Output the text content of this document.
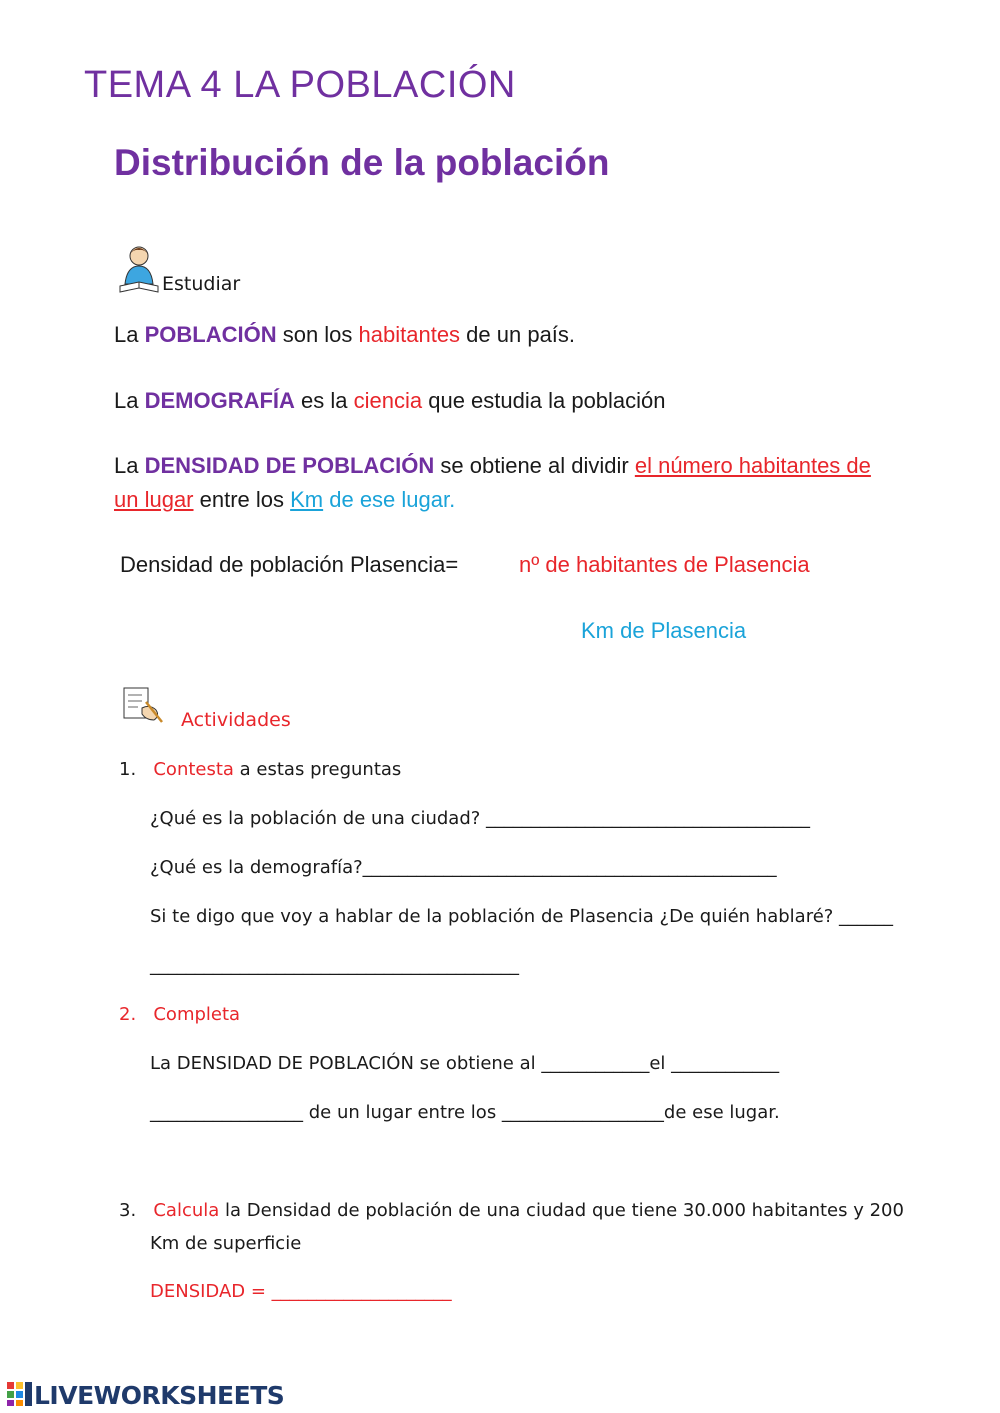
TEMA 4 LA POBLACIÓN
Distribución de la población
Estudiar
La POBLACIÓN son los habitantes de un país.
La DEMOGRAFÍA es la ciencia que estudia la población
La DENSIDAD DE POBLACIÓN se obtiene al dividir el número habitantes de
un lugar entre los Km de ese lugar.
Densidad de población Plasencia=	nº de habitantes de Plasencia
Km de Plasencia
Actividades
1. Contesta a estas preguntas
¿Qué es la población de una ciudad? ____________________________________
¿Qué es la demografía?______________________________________________
Si te digo que voy a hablar de la población de Plasencia ¿De quién hablaré? ______
_________________________________________
2. Completa
La DENSIDAD DE POBLACIÓN se obtiene al ____________el ____________
_________________ de un lugar entre los __________________de ese lugar.
3. Calcula la Densidad de población de una ciudad que tiene 30.000 habitantes y 200
Km de superficie
DENSIDAD = ____________________
LIVEWORKSHEETS
